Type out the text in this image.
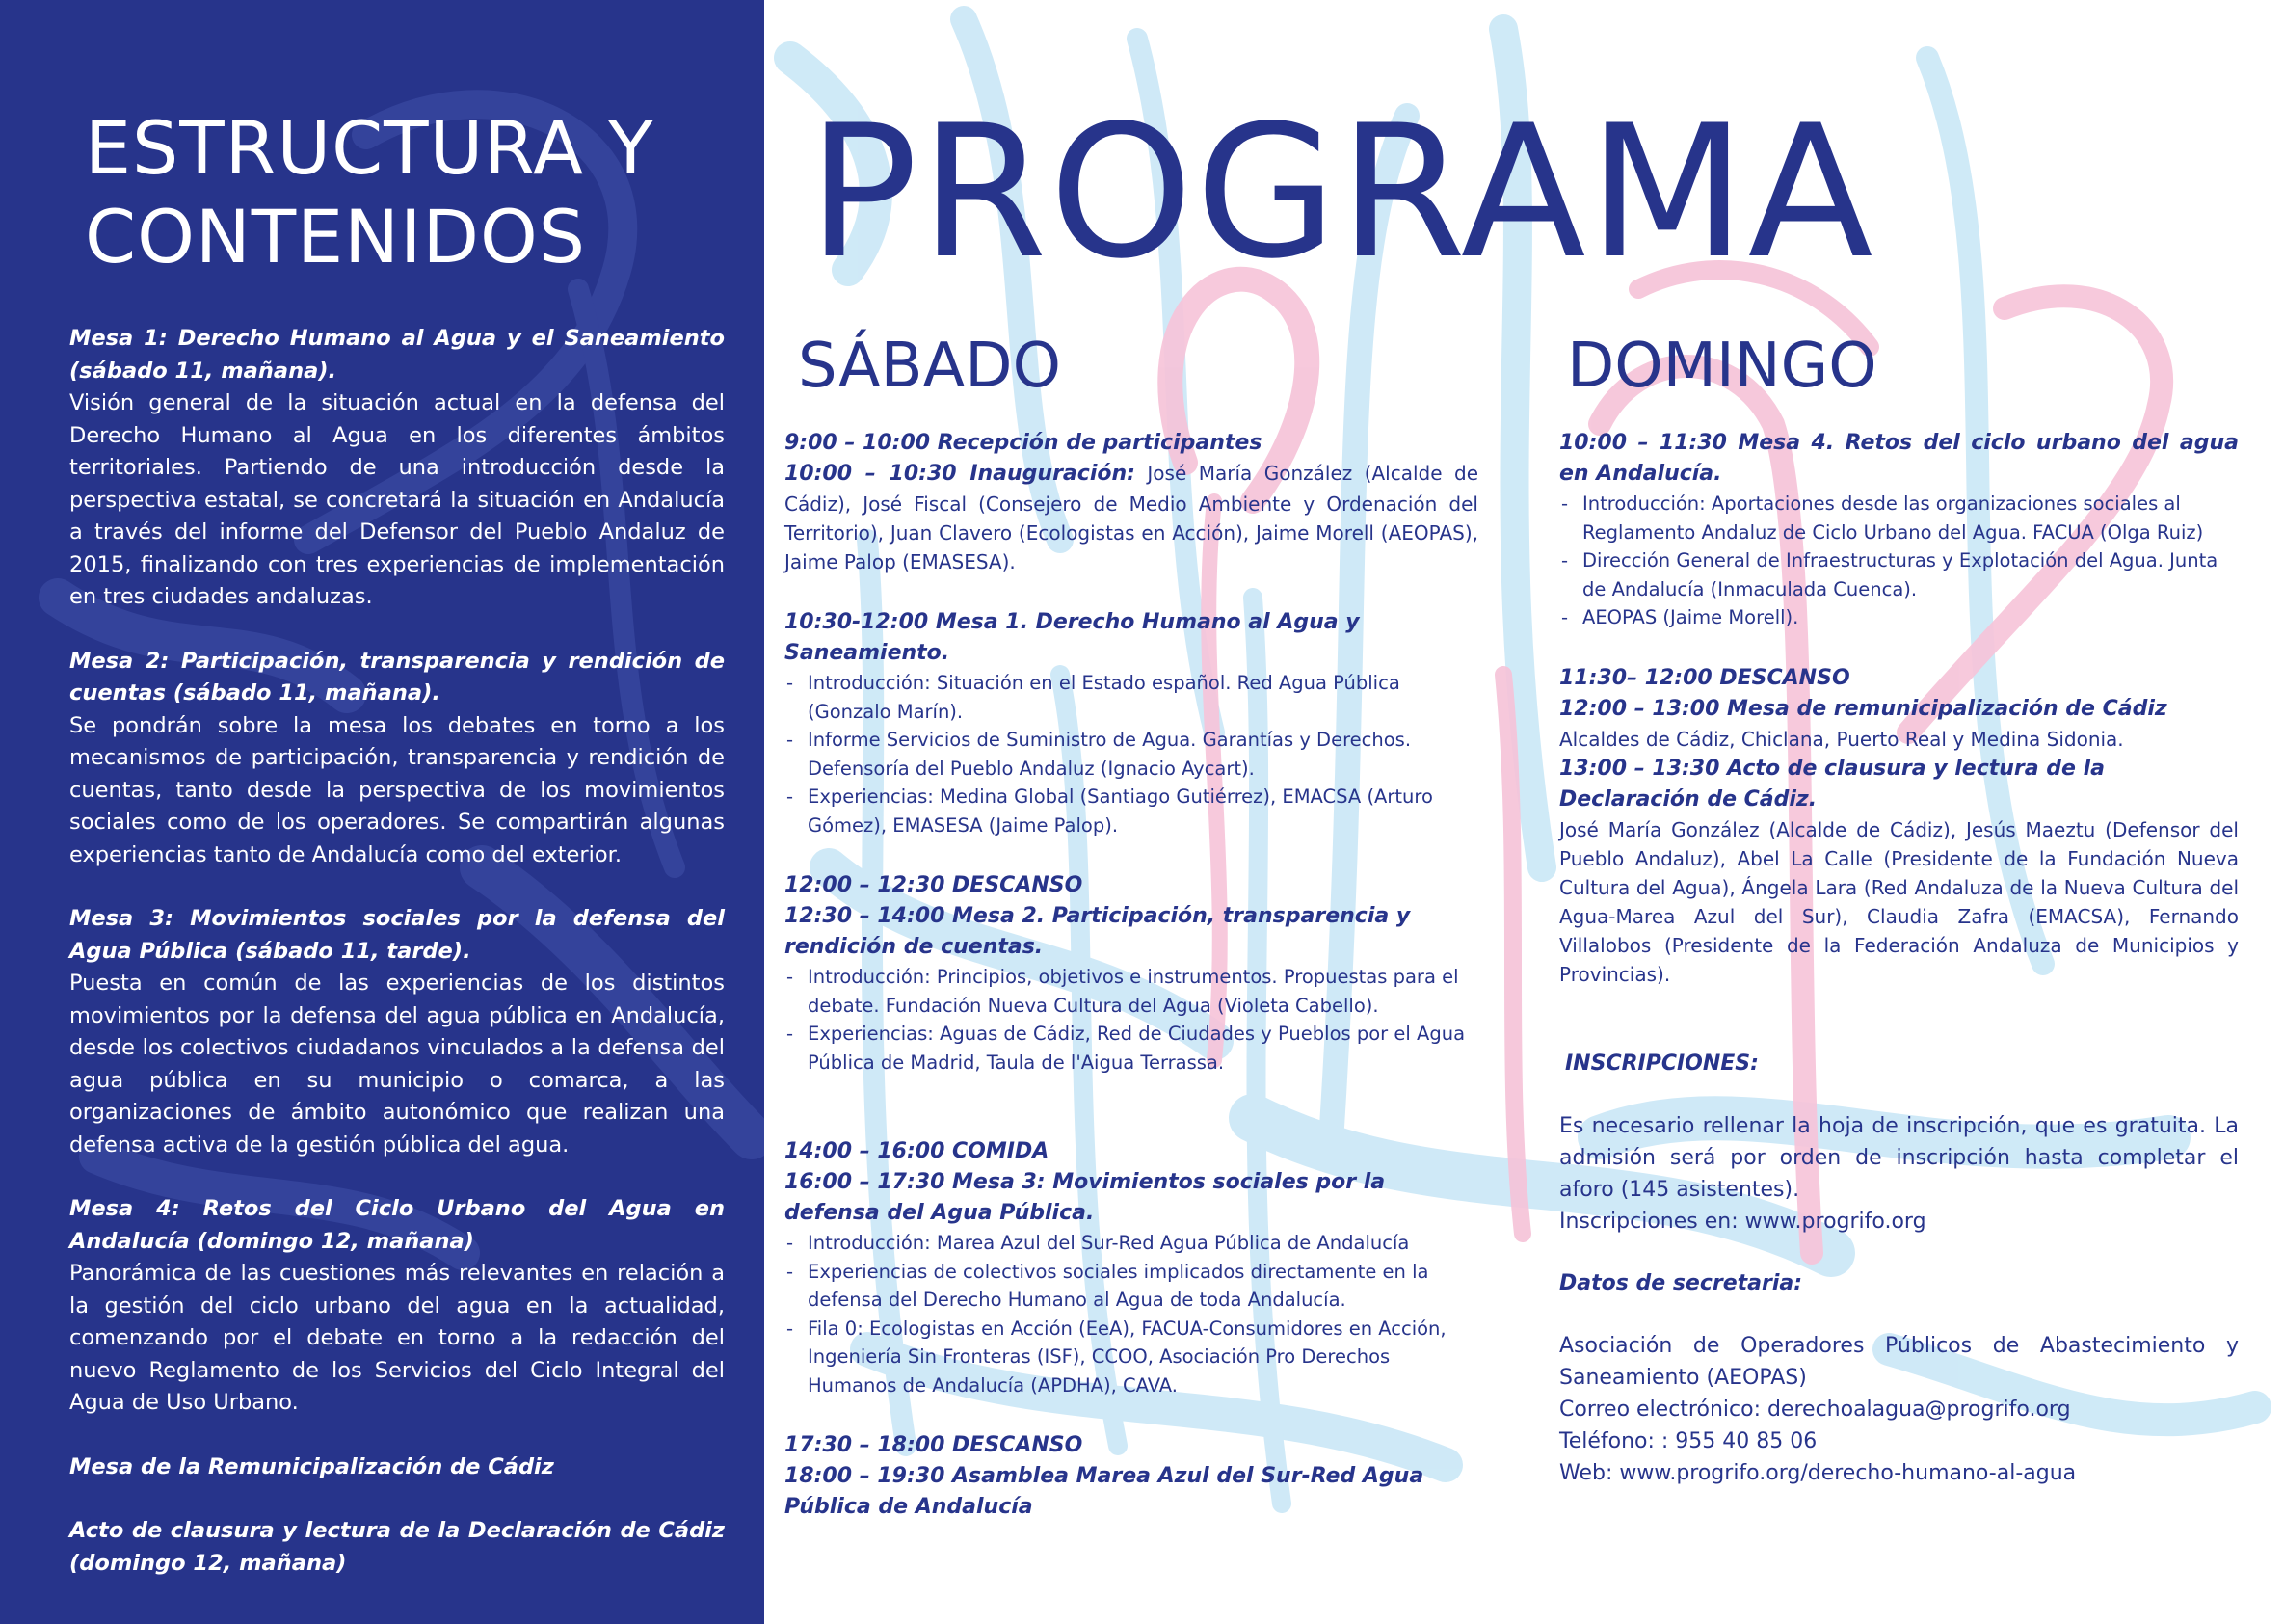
ESTRUCTURA Y
CONTENIDOS
Mesa 1: Derecho Humano al Agua y el Saneamiento (sábado 11, mañana).
Visión general de la situación actual en la defensa del Derecho Humano al Agua en los diferentes ámbitos territoriales. Partiendo de una introducción desde la perspectiva estatal, se concretará la situación en Andalucía a través del informe del Defensor del Pueblo Andaluz de 2015, finalizando con tres experiencias de implementación en tres ciudades andaluzas.
Mesa 2: Participación, transparencia y rendición de cuentas (sábado 11, mañana).
Se pondrán sobre la mesa los debates en torno a los mecanismos de participación, transparencia y rendición de cuentas, tanto desde la perspectiva de los movimientos sociales como de los operadores. Se compartirán algunas experiencias tanto de Andalucía como del exterior.
Mesa 3: Movimientos sociales por la defensa del Agua Pública (sábado 11, tarde).
Puesta en común de las experiencias de los distintos movimientos por la defensa del agua pública en Andalucía, desde los colectivos ciudadanos vinculados a la defensa del agua pública en su municipio o comarca, a las organizaciones de ámbito autonómico que realizan una defensa activa de la gestión pública del agua.
Mesa 4: Retos del Ciclo Urbano del Agua en Andalucía (domingo 12, mañana)
Panorámica de las cuestiones más relevantes en relación a la gestión del ciclo urbano del agua en la actualidad, comenzando por el debate en torno a la redacción del nuevo Reglamento de los Servicios del Ciclo Integral del Agua de Uso Urbano.
Mesa de la Remunicipalización de Cádiz
Acto de clausura y lectura de la Declaración de Cádiz (domingo 12, mañana)
PROGRAMA
SÁBADO	DOMINGO
9:00 – 10:00 Recepción de participantes
10:00 – 10:30 Inauguración: José María González (Alcalde de Cádiz), José Fiscal (Consejero de Medio Ambiente y Ordenación del Territorio), Juan Clavero (Ecologistas en Acción), Jaime Morell (AEOPAS), Jaime Palop (EMASESA).
10:30-12:00 Mesa 1. Derecho Humano al Agua y Saneamiento.
- Introducción: Situación en el Estado español. Red Agua Pública (Gonzalo Marín).
- Informe Servicios de Suministro de Agua. Garantías y Derechos. Defensoría del Pueblo Andaluz (Ignacio Aycart).
- Experiencias: Medina Global (Santiago Gutiérrez), EMACSA (Arturo Gómez), EMASESA (Jaime Palop).
12:00 – 12:30 DESCANSO
12:30 – 14:00 Mesa 2. Participación, transparencia y rendición de cuentas.
- Introducción: Principios, objetivos e instrumentos. Propuestas para el debate. Fundación Nueva Cultura del Agua (Violeta Cabello).
- Experiencias: Aguas de Cádiz, Red de Ciudades y Pueblos por el Agua Pública de Madrid, Taula de l'Aigua Terrassa.
14:00 – 16:00 COMIDA
16:00 – 17:30 Mesa 3: Movimientos sociales por la defensa del Agua Pública.
- Introducción: Marea Azul del Sur-Red Agua Pública de Andalucía
- Experiencias de colectivos sociales implicados directamente en la defensa del Derecho Humano al Agua de toda Andalucía.
- Fila 0: Ecologistas en Acción (EeA), FACUA-Consumidores en Acción, Ingeniería Sin Fronteras (ISF), CCOO, Asociación Pro Derechos Humanos de Andalucía (APDHA), CAVA.
17:30 – 18:00 DESCANSO
18:00 – 19:30 Asamblea Marea Azul del Sur-Red Agua Pública de Andalucía
10:00 – 11:30 Mesa 4. Retos del ciclo urbano del agua en Andalucía.
- Introducción: Aportaciones desde las organizaciones sociales al Reglamento Andaluz de Ciclo Urbano del Agua. FACUA (Olga Ruiz)
- Dirección General de Infraestructuras y Explotación del Agua. Junta de Andalucía (Inmaculada Cuenca).
- AEOPAS (Jaime Morell).
11:30– 12:00 DESCANSO
12:00 – 13:00 Mesa de remunicipalización de Cádiz
Alcaldes de Cádiz, Chiclana, Puerto Real y Medina Sidonia.
13:00 – 13:30 Acto de clausura y lectura de la Declaración de Cádiz.
José María González (Alcalde de Cádiz), Jesús Maeztu (Defensor del Pueblo Andaluz), Abel La Calle (Presidente de la Fundación Nueva Cultura del Agua), Ángela Lara (Red Andaluza de la Nueva Cultura del Agua-Marea Azul del Sur), Claudia Zafra (EMACSA), Fernando Villalobos (Presidente de la Federación Andaluza de Municipios y Provincias).
INSCRIPCIONES:
Es necesario rellenar la hoja de inscripción, que es gratuita. La admisión será por orden de inscripción hasta completar el aforo (145 asistentes).
Inscripciones en: www.progrifo.org
Datos de secretaria:
Asociación de Operadores Públicos de Abastecimiento y Saneamiento (AEOPAS)
Correo electrónico: derechoalagua@progrifo.org
Teléfono: : 955 40 85 06
Web: www.progrifo.org/derecho-humano-al-agua
